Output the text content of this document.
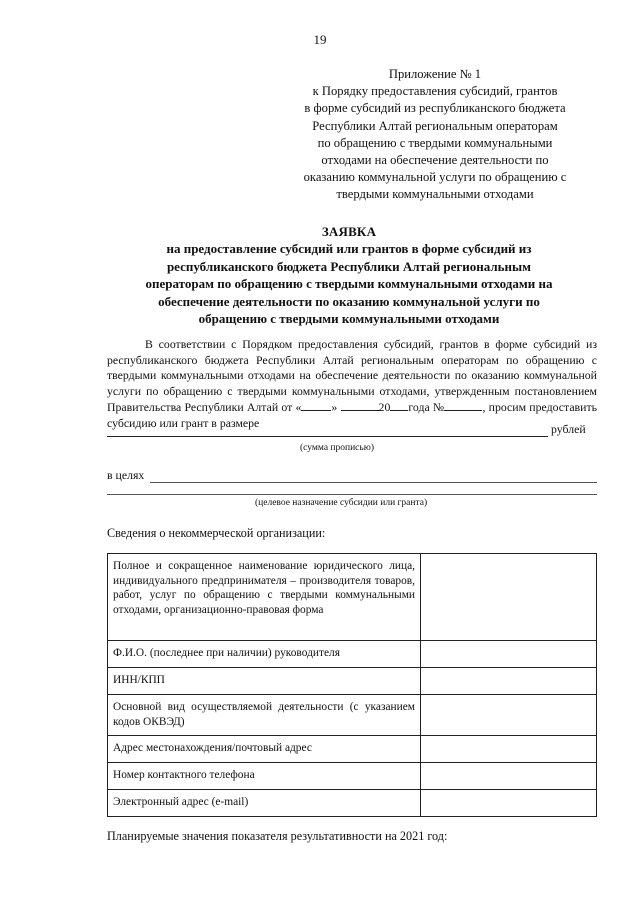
19
Приложение № 1
к Порядку предоставления субсидий, грантов
в форме субсидий из республиканского бюджета
Республики Алтай региональным операторам
по обращению с твердыми коммунальными
отходами на обеспечение деятельности по
оказанию коммунальной услуги по обращению с
твердыми коммунальными отходами
ЗАЯВКА
на предоставление субсидий или грантов в форме субсидий из
республиканского бюджета Республики Алтай региональным
операторам по обращению с твердыми коммунальными отходами на
обеспечение деятельности по оказанию коммунальной услуги по
обращению с твердыми коммунальными отходами
В соответствии с Порядком предоставления субсидий, грантов в форме субсидий из республиканского бюджета Республики Алтай региональным операторам по обращению с твердыми коммунальными отходами на обеспечение деятельности по оказанию коммунальной услуги по обращению с твердыми коммунальными отходами, утвержденным постановлением Правительства Республики Алтай от «	»	20 года №	, просим предоставить субсидию или грант в размере	рублей
(сумма прописью)
в целях
(целевое назначение субсидии или гранта)
Сведения о некоммерческой организации:
Полное и сокращенное наименование юридического лица, индивидуального предпринимателя – производителя товаров, работ, услуг по обращению с твердыми коммунальными отходами, организационно-правовая форма	
Ф.И.О. (последнее при наличии) руководителя	
ИНН/КПП	
Основной вид осуществляемой деятельности (с указанием кодов ОКВЭД)	
Адрес местонахождения/почтовый адрес	
Номер контактного телефона	
Электронный адрес (e-mail)	
Планируемые значения показателя результативности на 2021 год:
